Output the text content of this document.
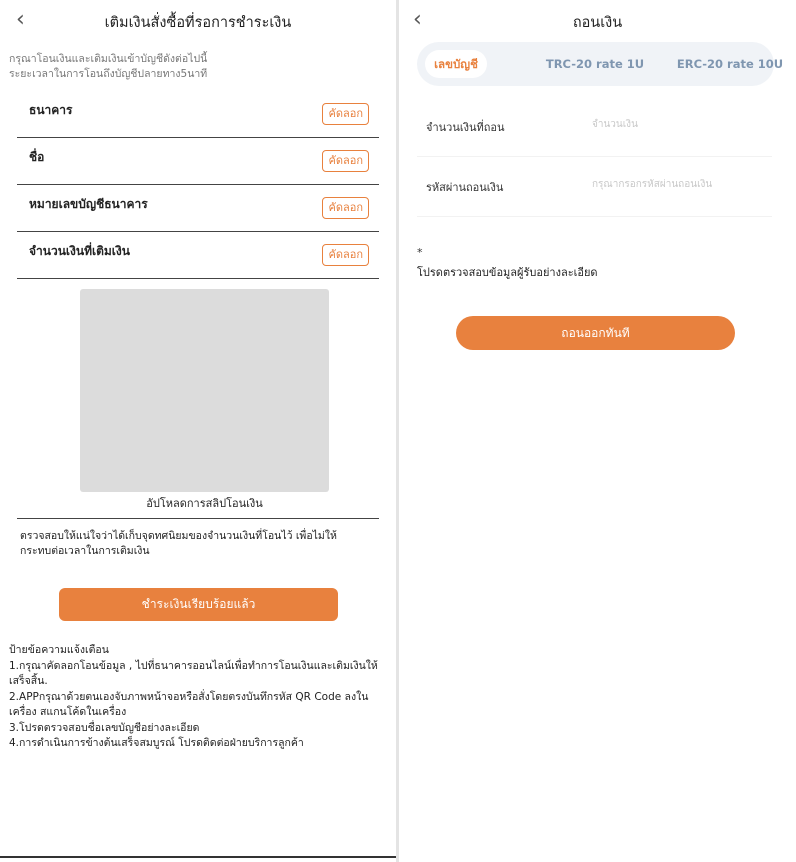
‹	เติมเงินสั่งซื้อที่รอการชำระเงิน
กรุณาโอนเงินและเติมเงินเข้าบัญชีดังต่อไปนี้
ระยะเวลาในการโอนถึงบัญชีปลายทาง5นาที
ธนาคาร	คัดลอก
ชื่อ	คัดลอก
หมายเลขบัญชีธนาคาร	คัดลอก
จำนวนเงินที่เติมเงิน	คัดลอก
อัปโหลดการสลิปโอนเงิน
ตรวจสอบให้แน่ใจว่าได้เก็บจุดทศนิยมของจำนวนเงินที่โอนไว้ เพื่อไม่ให้กระทบต่อเวลาในการเติมเงิน
ชำระเงินเรียบร้อยแล้ว
ป้ายข้อความแจ้งเตือน
1.กรุณาคัดลอกโอนข้อมูล , ไปที่ธนาคารออนไลน์เพื่อทำการโอนเงินและเติมเงินให้เสร็จสิ้น.
2.APPกรุณาด้วยตนเองจับภาพหน้าจอหรือสั่งโดยตรงบันทึกรหัส QR Code ลงในเครื่อง สแกนโค้ดในเครื่อง
3.โปรดตรวจสอบชื่อเลขบัญชีอย่างละเอียด
4.การดำเนินการข้างต้นเสร็จสมบูรณ์ โปรดติดต่อฝ่ายบริการลูกค้า
‹	ถอนเงิน
เลขบัญชี	TRC-20 rate 1U	ERC-20 rate 10U
จำนวนเงินที่ถอน
จำนวนเงิน
รหัสผ่านถอนเงิน
*
โปรดตรวจสอบข้อมูลผู้รับอย่างละเอียด
ถอนออกทันที
